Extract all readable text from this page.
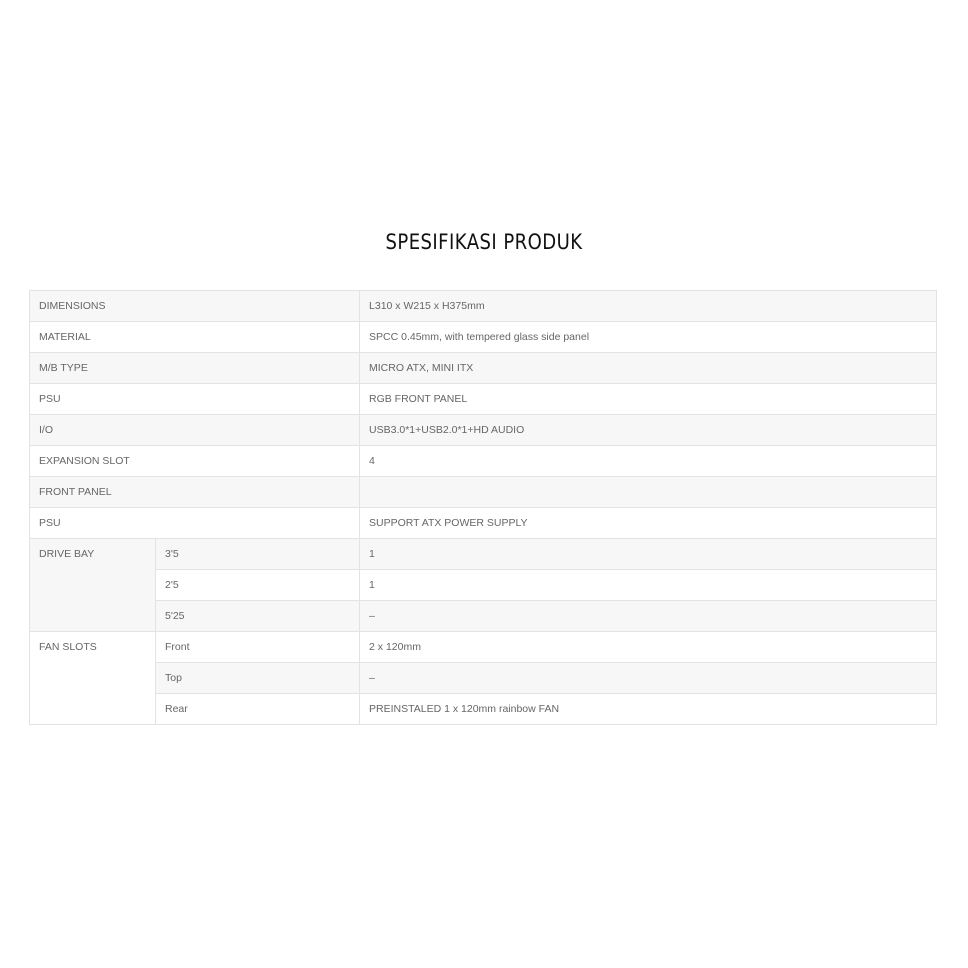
SPESIFIKASI PRODUK
DIMENSIONS		L310 x W215 x H375mm
MATERIAL		SPCC 0.45mm, with tempered glass side panel
M/B TYPE		MICRO ATX, MINI ITX
PSU		RGB FRONT PANEL
I/O		USB3.0*1+USB2.0*1+HD AUDIO
EXPANSION SLOT		4
FRONT PANEL		
PSU		SUPPORT ATX POWER SUPPLY
DRIVE BAY	3'5	1
	2'5	1
	5'25	–
FAN SLOTS	Front	2 x 120mm
	Top	–
	Rear	PREINSTALED 1 x 120mm rainbow FAN
